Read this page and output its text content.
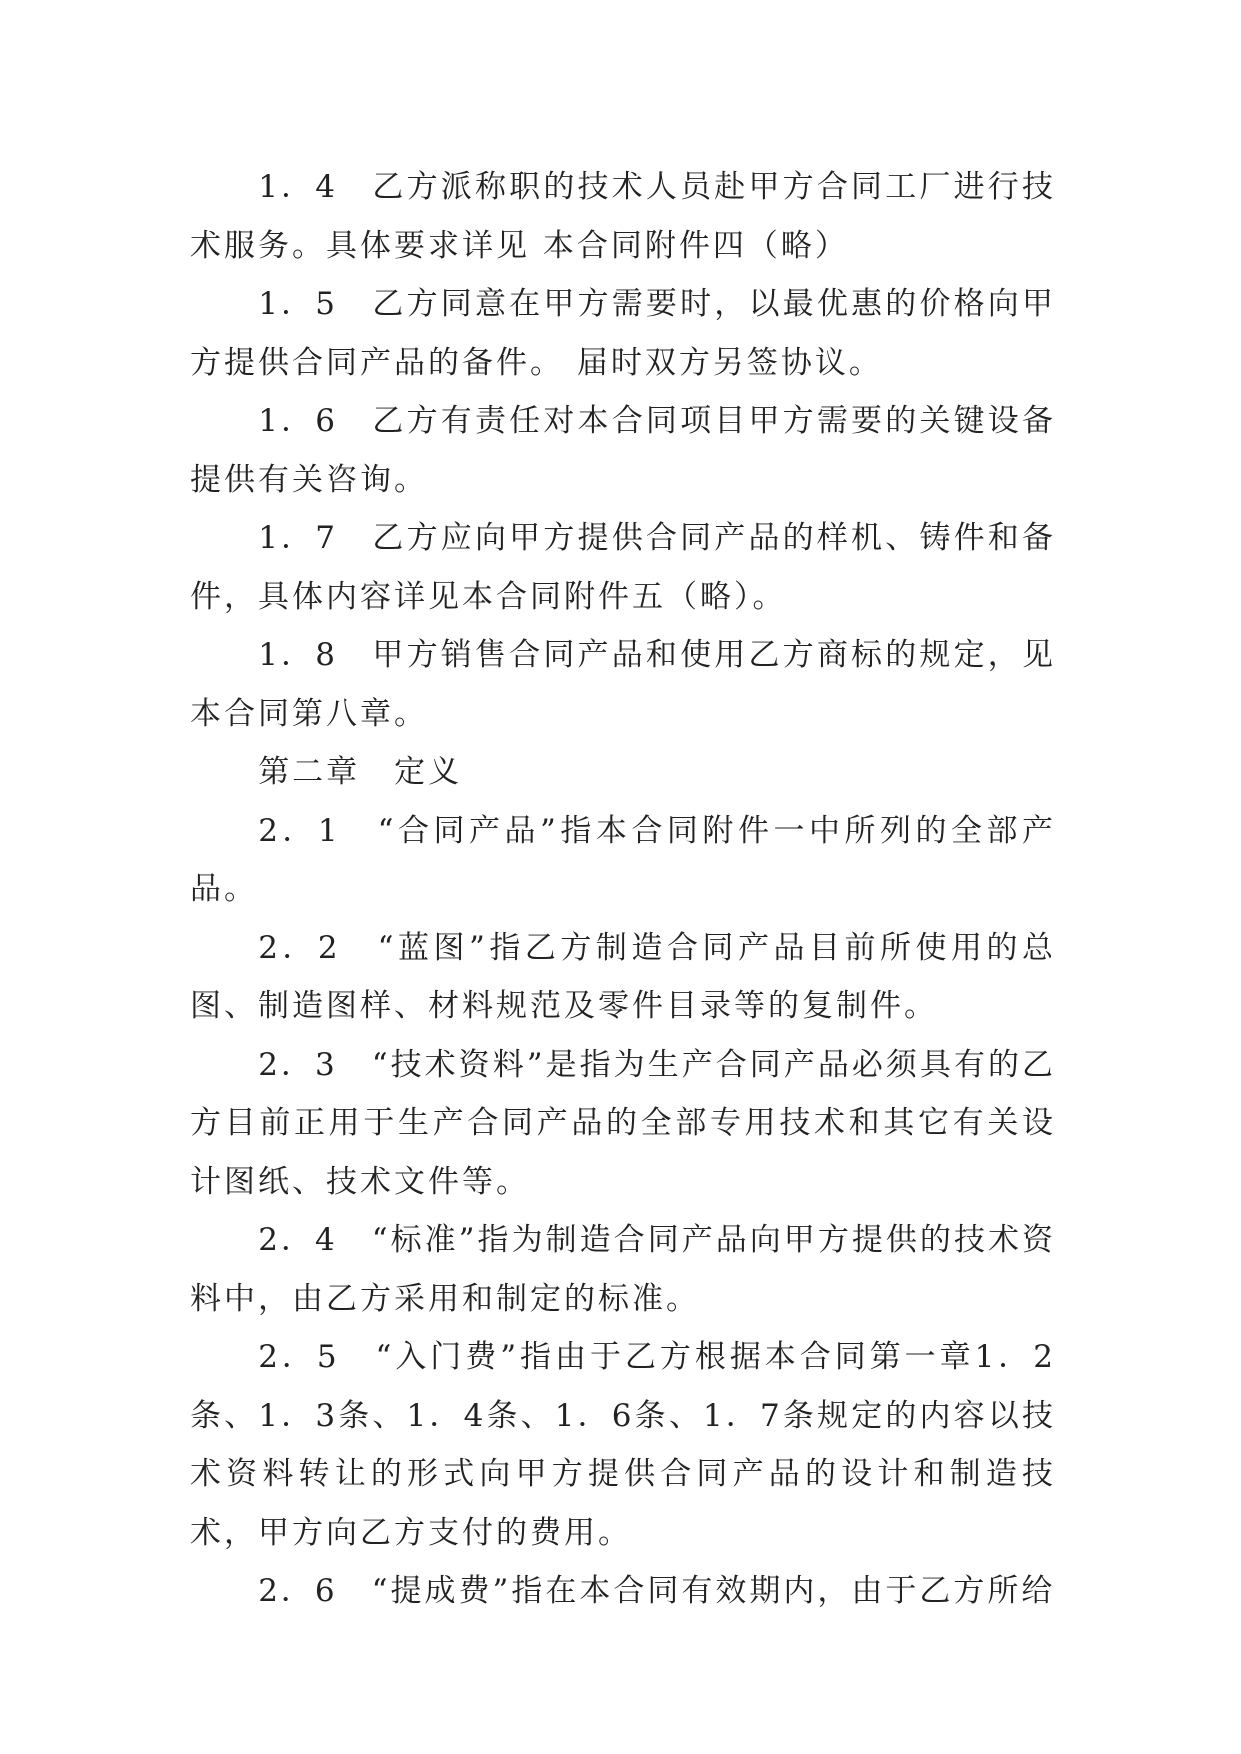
1．4　乙方派称职的技术人员赴甲方合同工厂进行技术服务。具体要求详见 本合同附件四（略）

1．5　乙方同意在甲方需要时，以最优惠的价格向甲方提供合同产品的备件。 届时双方另签协议。

1．6　乙方有责任对本合同项目甲方需要的关键设备提供有关咨询。

1．7　乙方应向甲方提供合同产品的样机、铸件和备件，具体内容详见本合同附件五（略）。

1．8　甲方销售合同产品和使用乙方商标的规定，见本合同第八章。

第二章　定义

2．1　“合同产品”指本合同附件一中所列的全部产品。

2．2　“蓝图”指乙方制造合同产品目前所使用的总图、制造图样、材料规范及零件目录等的复制件。

2．3　“技术资料”是指为生产合同产品必须具有的乙方目前正用于生产合同产品的全部专用技术和其它有关设计图纸、技术文件等。

2．4　“标准”指为制造合同产品向甲方提供的技术资料中，由乙方采用和制定的标准。

2．5　“入门费”指由于乙方根据本合同第一章1．2条、1．3条、1．4条、1．6条、1．7条规定的内容以技术资料转让的形式向甲方提供合同产品的设计和制造技术，甲方向乙方支付的费用。

2．6　“提成费”指在本合同有效期内，由于乙方所给
